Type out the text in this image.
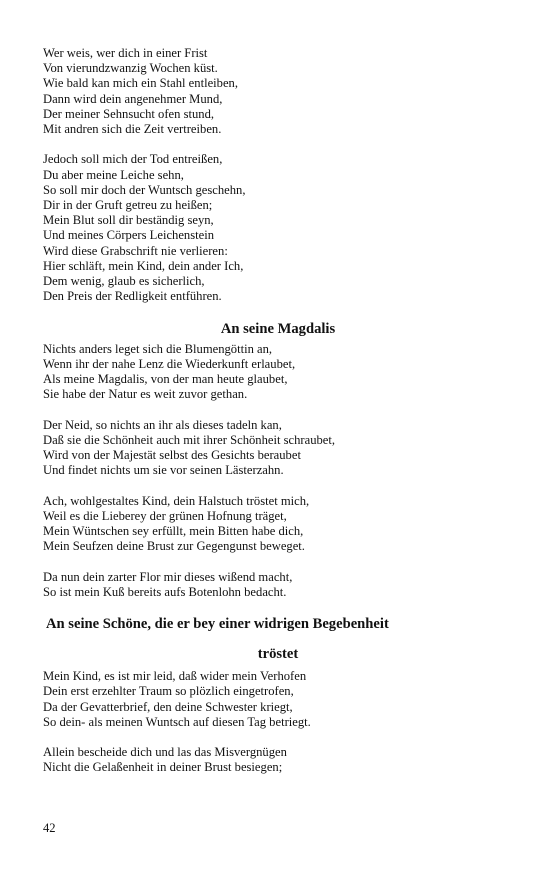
Wer weis, wer dich in einer Frist
Von vierundzwanzig Wochen küst.
Wie bald kan mich ein Stahl entleiben,
Dann wird dein angenehmer Mund,
Der meiner Sehnsucht ofen stund,
Mit andren sich die Zeit vertreiben.
Jedoch soll mich der Tod entreißen,
Du aber meine Leiche sehn,
So soll mir doch der Wuntsch geschehn,
Dir in der Gruft getreu zu heißen;
Mein Blut soll dir beständig seyn,
Und meines Cörpers Leichenstein
Wird diese Grabschrift nie verlieren:
Hier schläft, mein Kind, dein ander Ich,
Dem wenig, glaub es sicherlich,
Den Preis der Redligkeit entführen.
An seine Magdalis
Nichts anders leget sich die Blumengöttin an,
Wenn ihr der nahe Lenz die Wiederkunft erlaubet,
Als meine Magdalis, von der man heute glaubet,
Sie habe der Natur es weit zuvor gethan.
Der Neid, so nichts an ihr als dieses tadeln kan,
Daß sie die Schönheit auch mit ihrer Schönheit schraubet,
Wird von der Majestät selbst des Gesichts beraubet
Und findet nichts um sie vor seinen Lästerzahn.
Ach, wohlgestaltes Kind, dein Halstuch tröstet mich,
Weil es die Lieberey der grünen Hofnung träget,
Mein Wüntschen sey erfüllt, mein Bitten habe dich,
Mein Seufzen deine Brust zur Gegengunst beweget.
Da nun dein zarter Flor mir dieses wißend macht,
So ist mein Kuß bereits aufs Botenlohn bedacht.
An seine Schöne, die er bey einer widrigen Begebenheit
tröstet
Mein Kind, es ist mir leid, daß wider mein Verhofen
Dein erst erzehlter Traum so plözlich eingetrofen,
Da der Gevatterbrief, den deine Schwester kriegt,
So dein- als meinen Wuntsch auf diesen Tag betriegt.
Allein bescheide dich und las das Misvergnügen
Nicht die Gelaßenheit in deiner Brust besiegen;
42
